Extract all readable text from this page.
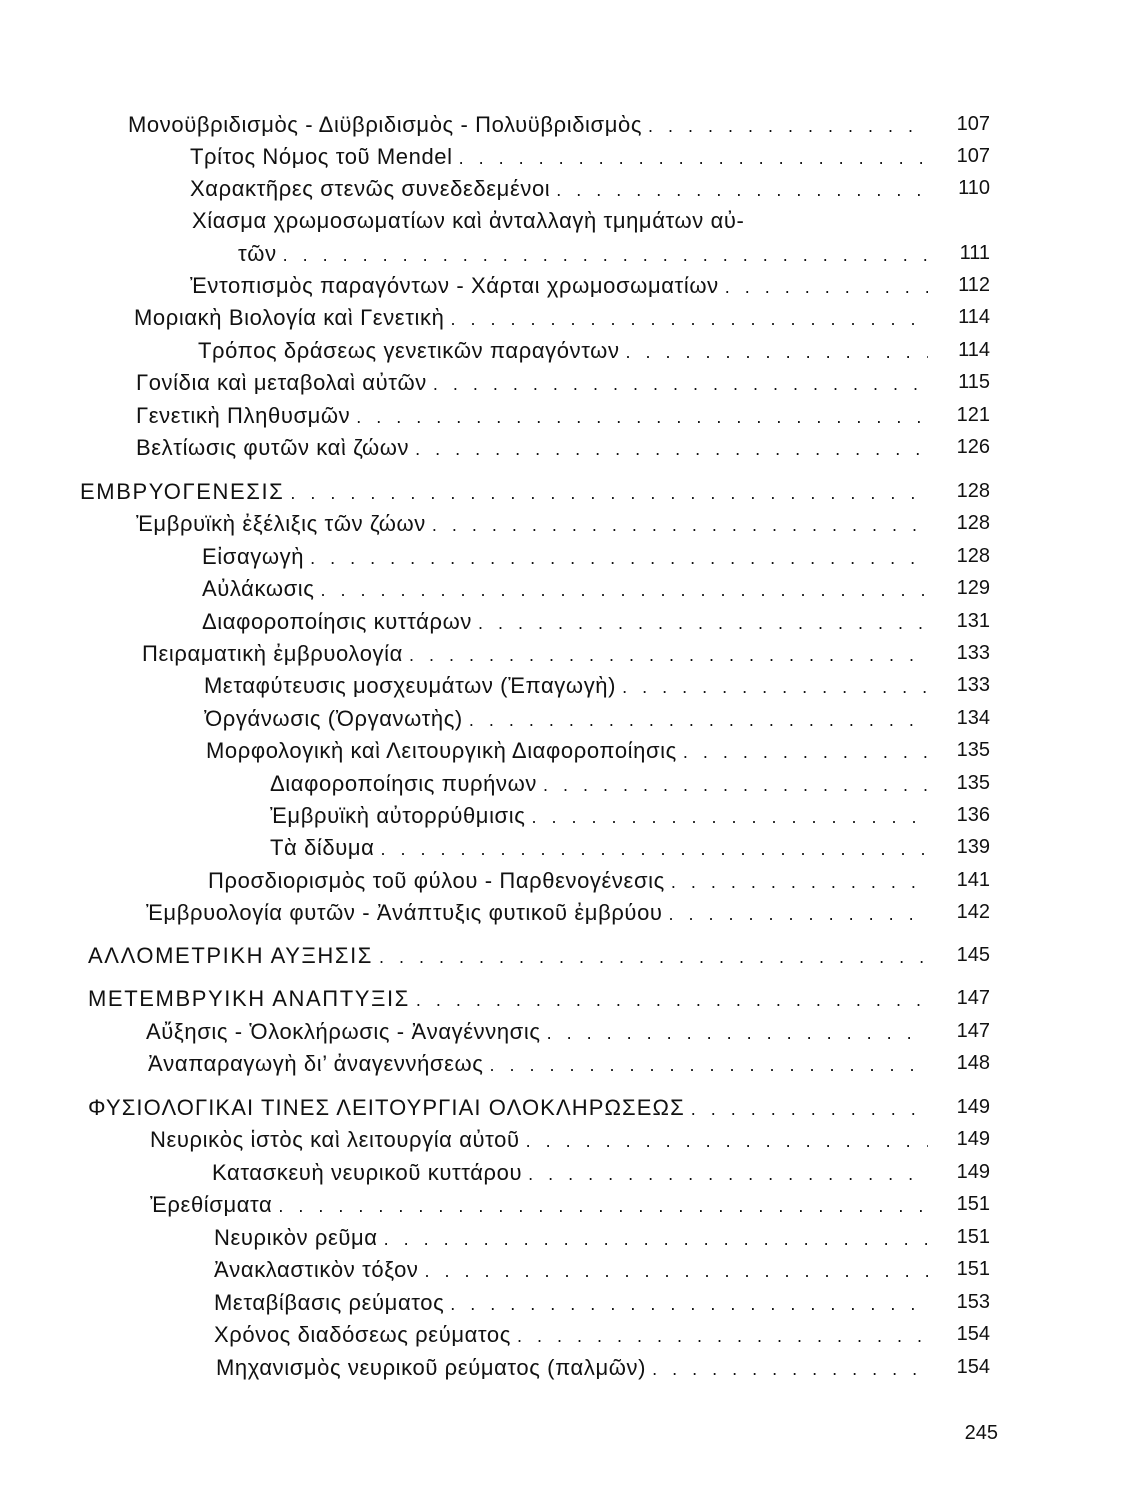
Μονοϋβριδισμὸς - Διϋβριδισμὸς - Πολυϋβριδισμὸς . . .	107
Τρίτος Νόμος τοῦ Mendel . . .	107
Χαρακτῆρες στενῶς συνεδεδεμένοι . . .	110
Χίασμα χρωμοσωματίων καὶ ἀνταλλαγὴ τμημάτων αὐ-
τῶν . . .	111
Ἐντοπισμὸς παραγόντων - Χάρται χρωμοσωματίων . . .	112
Μοριακὴ Βιολογία καὶ Γενετικὴ . . .	114
Τρόπος δράσεως γενετικῶν παραγόντων . . .	114
Γονίδια καὶ μεταβολαὶ αὐτῶν . . .	115
Γενετικὴ Πληθυσμῶν . . .	121
Βελτίωσις φυτῶν καὶ ζώων . . .	126
ΕΜΒΡΥΟΓΕΝΕΣΙΣ . . .	128
Ἐμβρυϊκὴ ἐξέλιξις τῶν ζώων . . .	128
Εἰσαγωγὴ . . .	128
Αὐλάκωσις . . .	129
Διαφοροποίησις κυττάρων . . .	131
Πειραματικὴ ἐμβρυολογία . . .	133
Μεταφύτευσις μοσχευμάτων (Ἐπαγωγὴ) . . .	133
Ὀργάνωσις (Ὀργανωτὴς) . . .	134
Μορφολογικὴ καὶ Λειτουργικὴ Διαφοροποίησις . . .	135
Διαφοροποίησις πυρήνων . . .	135
Ἐμβρυϊκὴ αὐτορρύθμισις . . .	136
Τὰ δίδυμα . . .	139
Προσδιορισμὸς τοῦ φύλου - Παρθενογένεσις . . .	141
Ἐμβρυολογία φυτῶν - Ἀνάπτυξις φυτικοῦ ἐμβρύου . . .	142
ΑΛΛΟΜΕΤΡΙΚΗ ΑΥΞΗΣΙΣ . . .	145
ΜΕΤΕΜΒΡΥΙΚΗ ΑΝΑΠΤΥΞΙΣ . . .	147
Αὔξησις - Ὁλοκλήρωσις - Ἀναγέννησις . . .	147
Ἀναπαραγωγὴ δι’ ἀναγεννήσεως . . .	148
ΦΥΣΙΟΛΟΓΙΚΑΙ ΤΙΝΕΣ ΛΕΙΤΟΥΡΓΙΑΙ ΟΛΟΚΛΗΡΩΣΕΩΣ . . .	149
Νευρικὸς ἱστὸς καὶ λειτουργία αὐτοῦ . . .	149
Κατασκευὴ νευρικοῦ κυττάρου . . .	149
Ἐρεθίσματα . . .	151
Νευρικὸν ρεῦμα . . .	151
Ἀνακλαστικὸν τόξον . . .	151
Μεταβίβασις ρεύματος . . .	153
Χρόνος διαδόσεως ρεύματος . . .	154
Μηχανισμὸς νευρικοῦ ρεύματος (παλμῶν) . . .	154
245
